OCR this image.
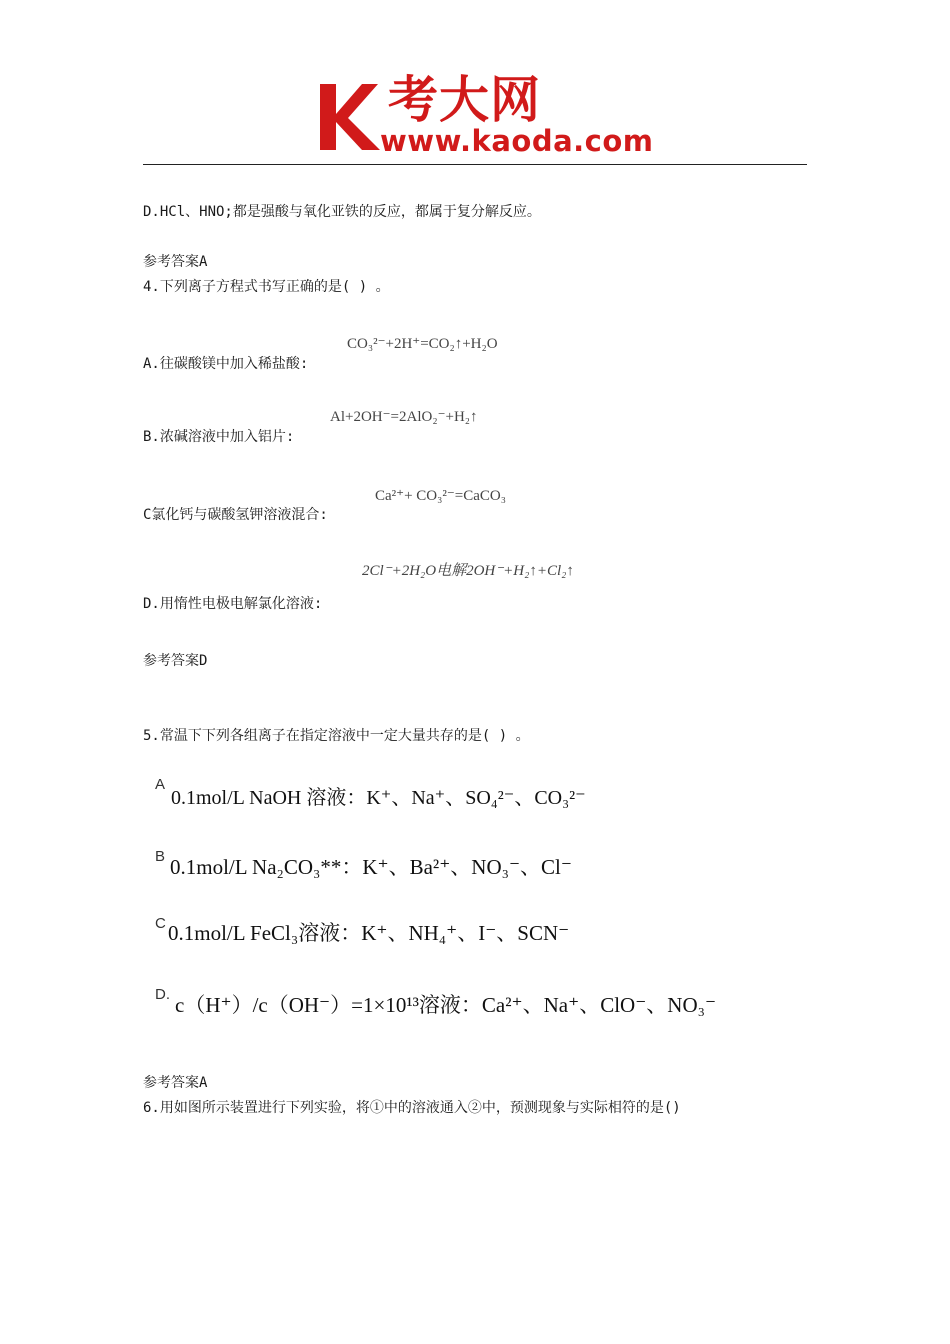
考大网
www.kaoda.com
D.HCl、HNO;都是强酸与氧化亚铁的反应，都属于复分解反应。
参考答案A
4.下列离子方程式书写正确的是( ) 。
CO₃²⁻+2H⁺=CO₂↑+H₂O
A.往碳酸镁中加入稀盐酸:
Al+2OH⁻=2AlO₂⁻+H₂↑
B.浓碱溶液中加入铝片:
Ca²⁺+ CO₃²⁻=CaCO₃
C氯化钙与碳酸氢钾溶液混合:
2Cl⁻+2H₂O电解2OH⁻+H₂↑+Cl₂↑
D.用惰性电极电解氯化溶液:
参考答案D
5.常温下下列各组离子在指定溶液中一定大量共存的是( ) 。
A
0.1mol/L NaOH 溶液：K⁺、Na⁺、SO₄²⁻、CO₃²⁻
B 0.1mol/L Na₂CO₃**：K⁺、Ba²⁺、NO₃⁻、Cl⁻
C 0.1mol/L FeCl₃溶液：K⁺、NH₄⁺、I⁻、SCN⁻
D. c（H⁺）/c（OH⁻）=1×10¹³溶液：Ca²⁺、Na⁺、ClO⁻、NO₃⁻
参考答案A
6.用如图所示装置进行下列实验，将①中的溶液通入②中，预测现象与实际相符的是()
